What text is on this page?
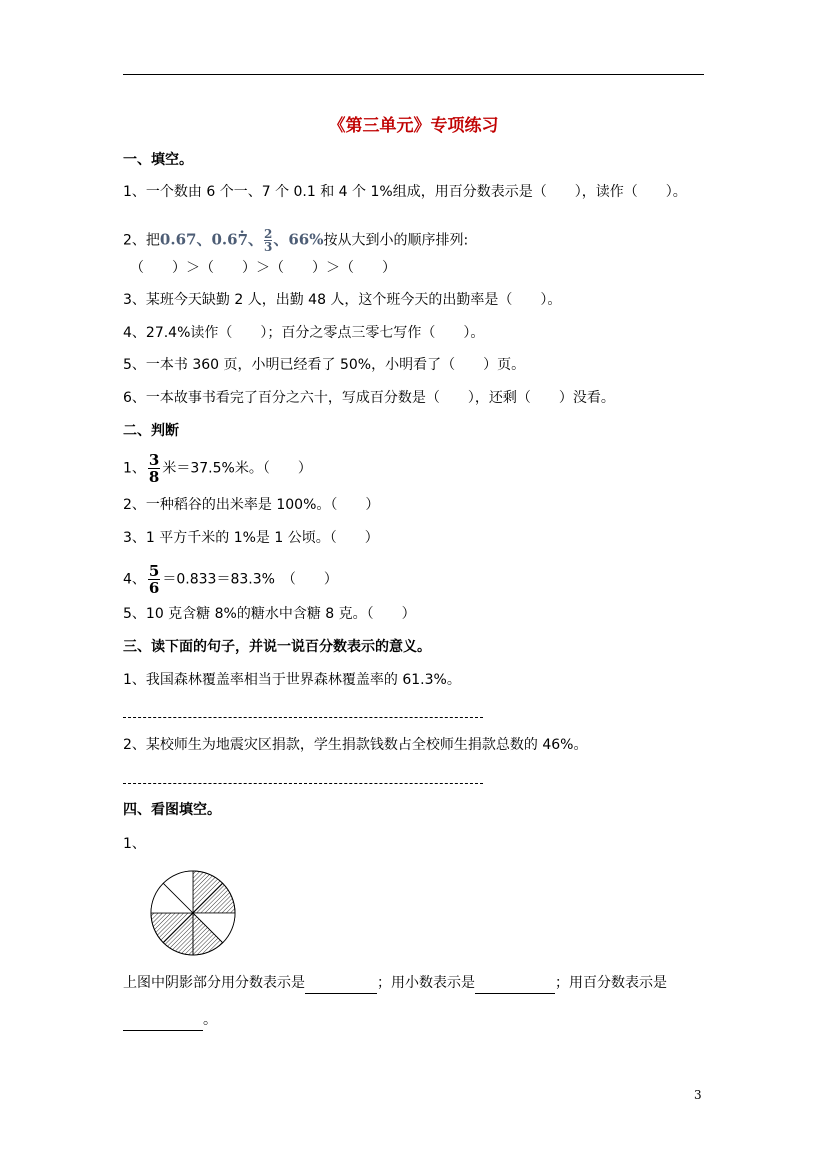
《第三单元》专项练习
一、填空。
1、一个数由 6 个一、7 个 0.1 和 4 个 1%组成，用百分数表示是（　　），读作（　　）。
2、把0.67、0.6. 7、 $\frac{2}{3}$ 、66%按从大到小的顺序排列:
（　　）＞（　　）＞（　　）＞（　　）
3、某班今天缺勤 2 人，出勤 48 人，这个班今天的出勤率是（　　）。
4、27.4%读作（　　）；百分之零点三零七写作（　　）。
5、一本书 360 页，小明已经看了 50%，小明看了（　　）页。
6、一本故事书看完了百分之六十，写成百分数是（　　），还剩（　　）没看。
二、判断
1、 $\frac{3}{8}$ 米＝37.5%米。（　　）
2、一种稻谷的出米率是 100%。（　　）
3、1 平方千米的 1%是 1 公顷。（　　）
4、 $\frac{5}{6} =0.833=83.3\%$　（　　）
5、10 克含糖 8%的糖水中含糖 8 克。（　　）
三、读下面的句子，并说一说百分数表示的意义。
1、我国森林覆盖率相当于世界森林覆盖率的 61.3%。
2、某校师生为地震灾区捐款，学生捐款钱数占全校师生捐款总数的 46%。
四、看图填空。
1、
上图中阴影部分用分数表示是	；用小数表示是	；用百分数表示是
。
3
